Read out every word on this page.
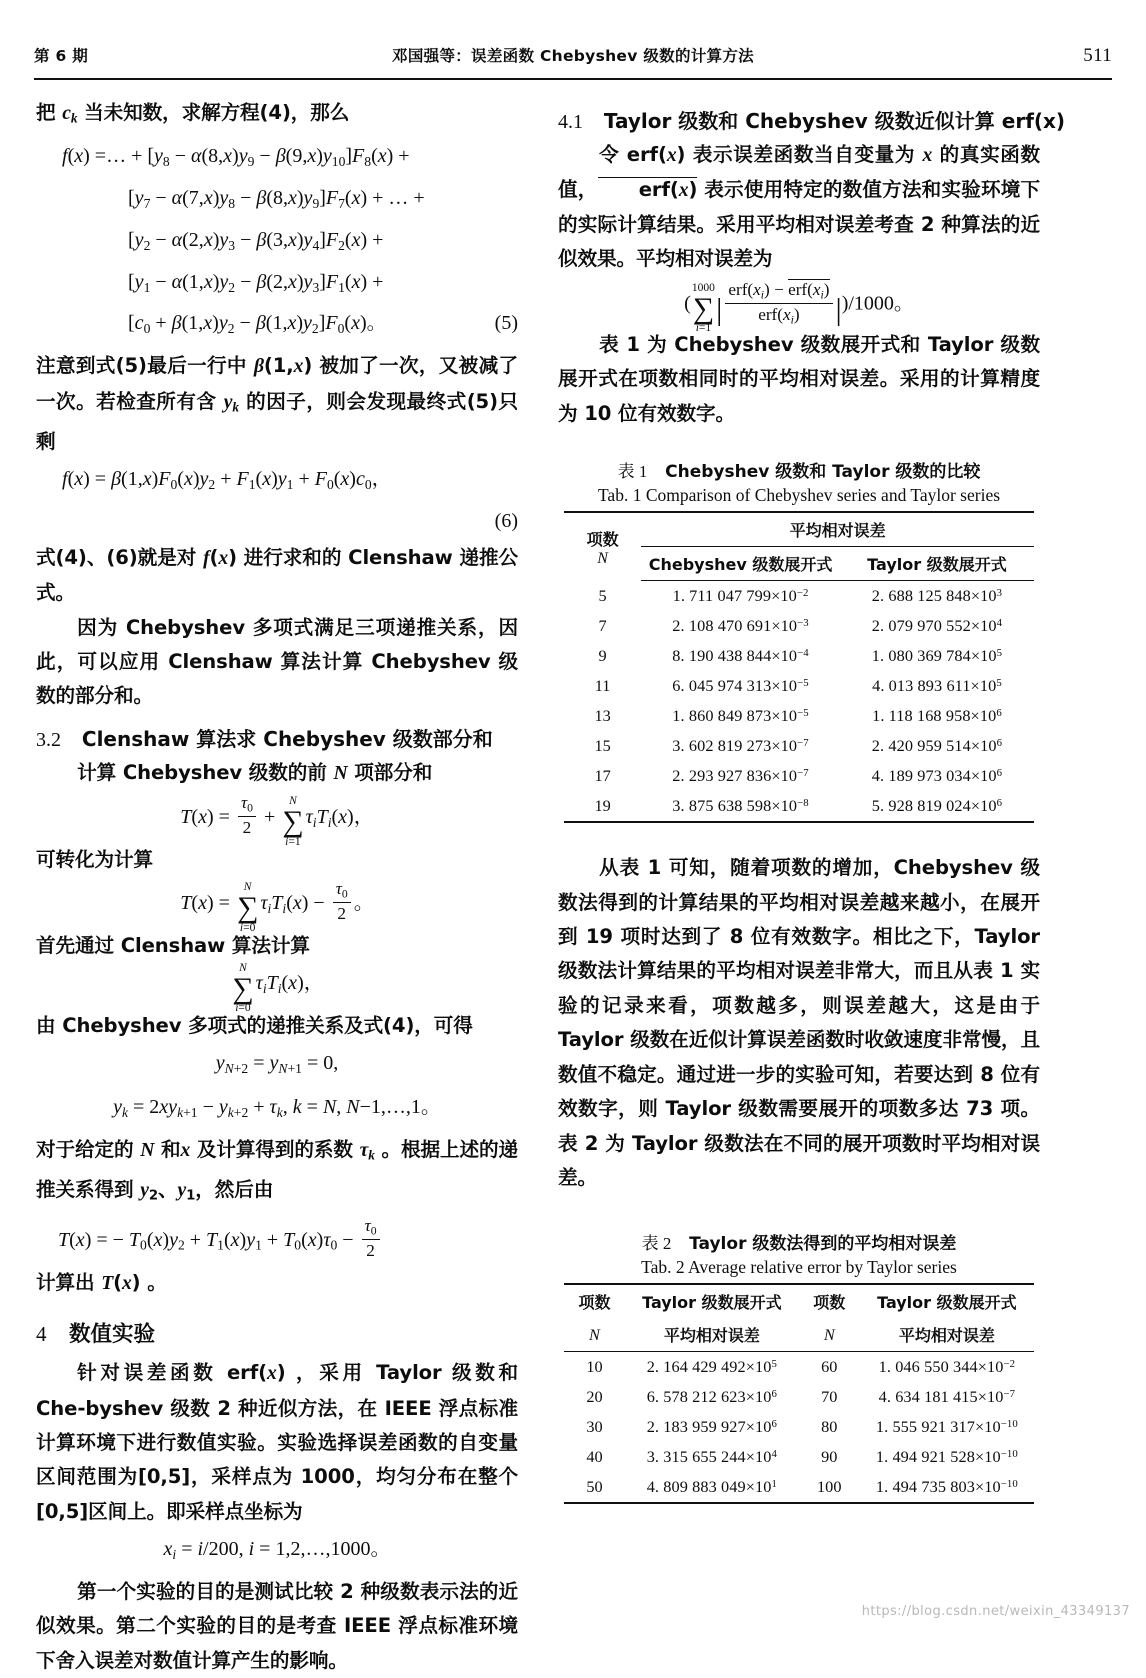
第 6 期	邓国强等：误差函数 Chebyshev 级数的计算方法	511

把 $c_k$ 当未知数，求解方程(4)，那么

f(x) =… + $[y_8 - \alpha(8,x)y_9 - \beta(9,x)y_{10}]F_8(x)$ +
$[y_7 - \alpha(7,x)y_8 - \beta(8,x)y_9]F_7(x)$ + … +
$[y_2 - \alpha(2,x)y_3 - \beta(3,x)y_4]F_2(x)$ +
$[y_1 - \alpha(1,x)y_2 - \beta(2,x)y_3]F_1(x)$ +
$[c_0 + \beta(1,x)y_2 - \beta(1,x)y_2]F_0(x)$。	(5)

注意到式(5)最后一行中 β(1,x) 被加了一次，又被减了一次。若检查所有含 $y_k$ 的因子，则会发现最终式(5)只剩

$f(x) = \beta(1,x)F_0(x)y_2 + F_1(x)y_1 + F_0(x)c_0$，
(6)

式(4)、(6)就是对 f(x) 进行求和的 Clenshaw 递推公式。

因为 Chebyshev 多项式满足三项递推关系，因此，可以应用 Clenshaw 算法计算 Chebyshev 级数的部分和。

3.2 Clenshaw 算法求 Chebyshev 级数部分和

计算 Chebyshev 级数的前 N 项部分和

$T(x) = \frac{\tau_0}{2}$ +
N
∑
i=1
$\tau_iT_i(x)$，

可转化为计算

T(x) =
N
∑
i=0
$\tau_iT_i(x) - \frac{\tau_0}{2}$ 。

首先通过 Clenshaw 算法计算

N
∑
i=0
$\tau_iT_i(x)$，

由 Chebyshev 多项式的递推关系及式(4)，可得

$y_{N+2} = y_{N+1} = 0$,
$y_k = 2xy_{k+1} - y_{k+2} + \tau_k$, k = N, N−1,…,1。

对于给定的 N 和x 及计算得到的系数 $\tau_k$ 。根据上述的递推关系得到 $y_2$、$y_1$，然后由

T(x) = − $T_0(x)y_2 + T_1(x)y_1 + T_0(x)\tau_0 - \frac{\tau_0}{2}$

计算出 T(x) 。

4 数值实验

针对误差函数 erf(x) ，采用 Taylor 级数和 Che-byshev 级数 2 种近似方法，在 IEEE 浮点标准计算环境下进行数值实验。实验选择误差函数的自变量区间范围为[0,5]，采样点为 1000，均匀分布在整个[0,5]区间上。即采样点坐标为

$x_i = i/200$, i = 1,2,…,1000。

第一个实验的目的是测试比较 2 种级数表示法的近似效果。第二个实验的目的是考查 IEEE 浮点标准环境下舍入误差对数值计算产生的影响。

4.1 Taylor 级数和 Chebyshev 级数近似计算 erf(x)

令 erf(x) 表示误差函数当自变量为 x 的真实函数值， erf(x) 表示使用特定的数值方法和实验环境下的实际计算结果。采用平均相对误差考查 2 种算法的近似效果。平均相对误差为

(
1000
∑
i=1
| $\frac{erf(x_i) - erf(x_i)}{erf(x_i)} |)/1000$。

表 1 为 Chebyshev 级数展开式和 Taylor 级数展开式在项数相同时的平均相对误差。采用的计算精度为 10 位有效数字。

表 1 Chebyshev 级数和 Taylor 级数的比较
Tab. 1 Comparison of Chebyshev series and Taylor series
项数
N	平均相对误差	
	Chebyshev 级数展开式	Taylor 级数展开式
5	1. 711 047 $799\times 10^{-2}$	2. 688 125 $848\times 10^3$
7	2. 108 470 $691\times 10^{-3}$	2. 079 970 $552\times 10^4$
9	8. 190 438 $844\times 10^{-4}$	1. 080 369 $784\times 10^5$
11	6. 045 974 $313\times 10^{-5}$	4. 013 893 $611\times 10^5$
13	1. 860 849 $873\times 10^{-5}$	1. 118 168 $958\times 10^6$
15	3. 602 819 $273\times 10^{-7}$	2. 420 959 $514\times 10^6$
17	2. 293 927 $836\times 10^{-7}$	4. 189 973 $034\times 10^6$
19	3. 875 638 $598\times 10^{-8}$	5. 928 819 $024\times 10^6$

从表 1 可知，随着项数的增加，Chebyshev 级数法得到的计算结果的平均相对误差越来越小，在展开到 19 项时达到了 8 位有效数字。相比之下，Taylor 级数法计算结果的平均相对误差非常大，而且从表 1 实验的记录来看，项数越多，则误差越大，这是由于 Taylor 级数在近似计算误差函数时收敛速度非常慢，且数值不稳定。通过进一步的实验可知，若要达到 8 位有效数字，则 Taylor 级数需要展开的项数多达 73 项。表 2 为 Taylor 级数法在不同的展开项数时平均相对误差。

表 2 Taylor 级数法得到的平均相对误差
Tab. 2 Average relative error by Taylor series
项数	Taylor 级数展开式	项数	Taylor 级数展开式
N	平均相对误差	N	平均相对误差
10	2. 164 429 $492\times 10^5$	60	1. 046 550 $344\times 10^{-2}$
20	6. 578 212 $623\times 10^6$	70	4. 634 181 $415\times 10^{-7}$
30	2. 183 959 $927\times 10^6$	80	1. 555 921 $317\times 10^{-10}$
40	3. 315 655 $244\times 10^4$	90	1. 494 921 $528\times 10^{-10}$
50	4. 809 883 $049\times 10^1$	100	1. 494 735 $803\times 10^{-10}$
https://blog.csdn.net/weixin_43349137
